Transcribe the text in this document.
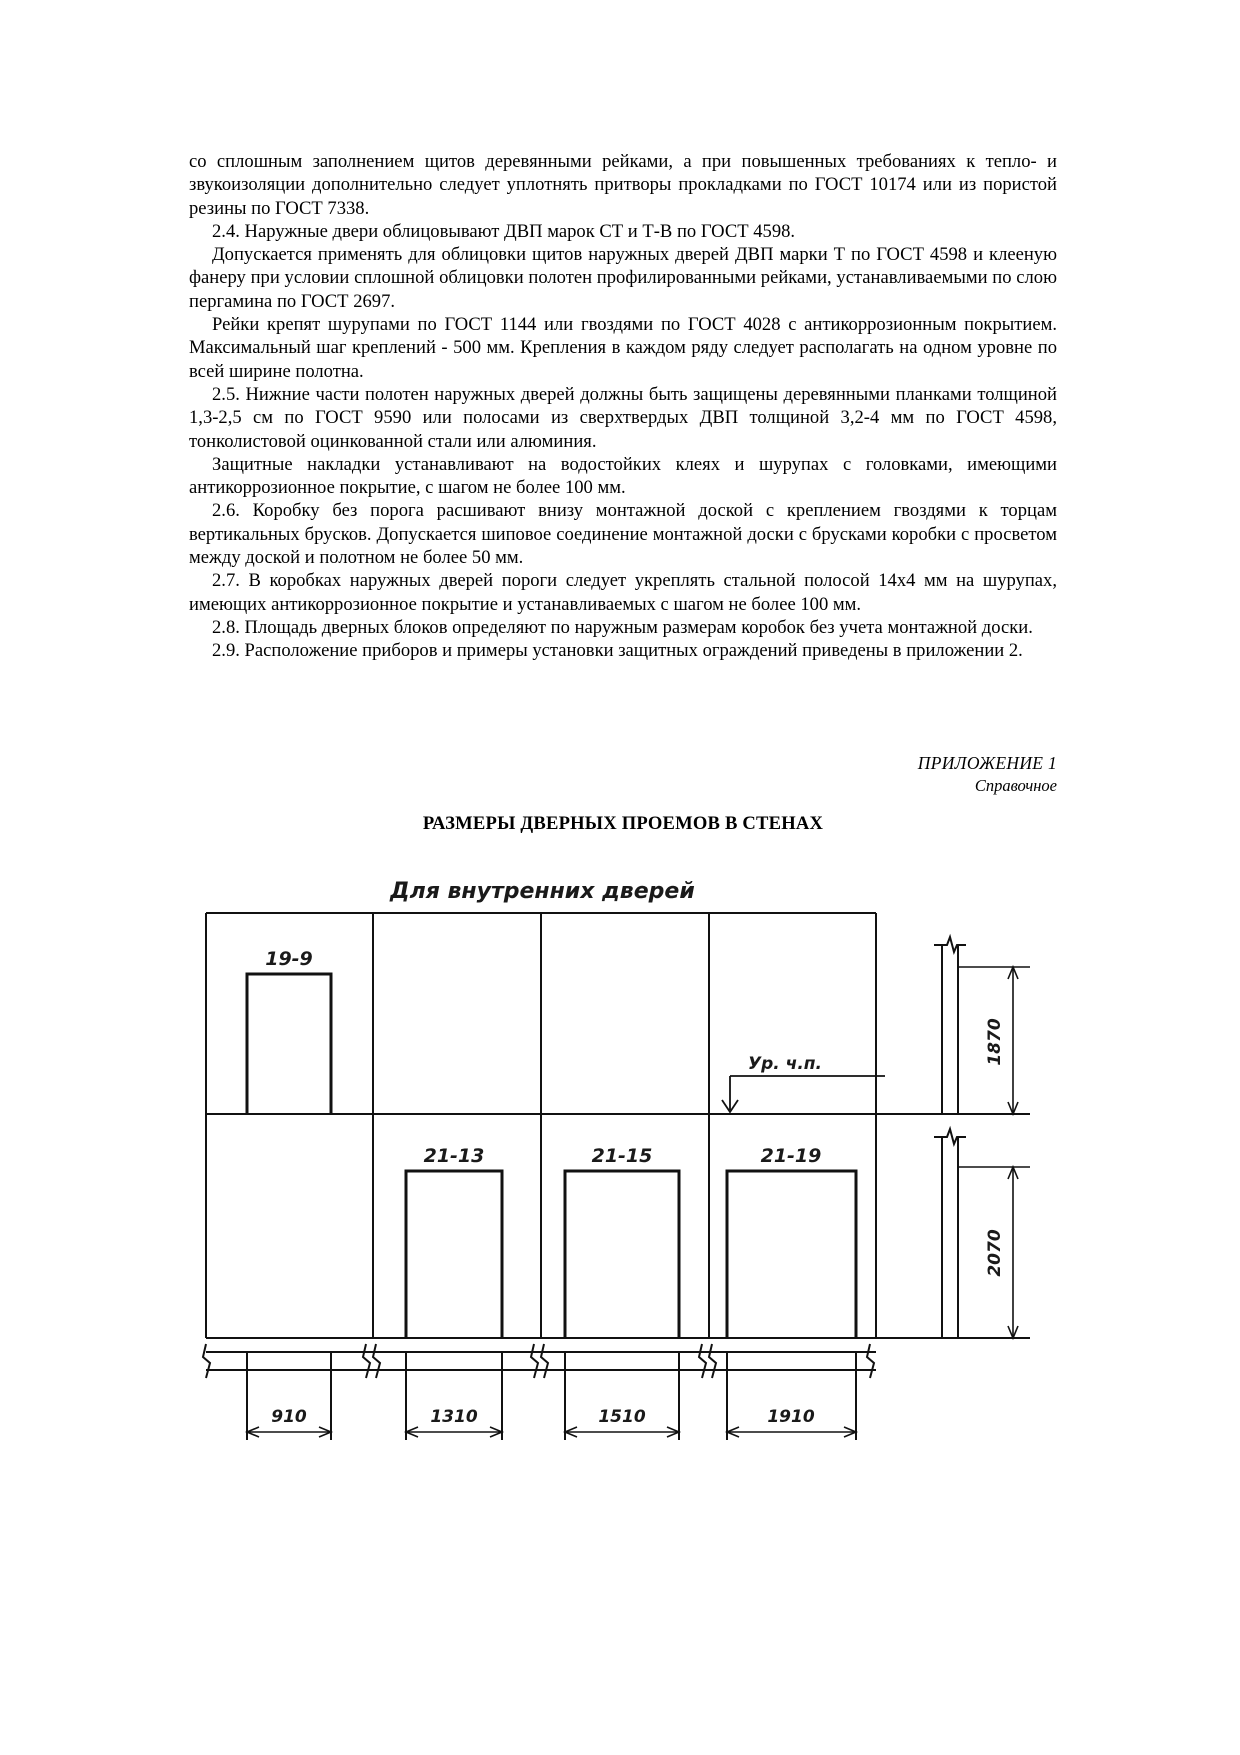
со сплошным заполнением щитов деревянными рейками, а при повышенных требованиях к тепло- и звукоизоляции дополнительно следует уплотнять притворы прокладками по ГОСТ 10174 или из пористой резины по ГОСТ 7338.

2.4. Наружные двери облицовывают ДВП марок СТ и Т-В по ГОСТ 4598.

Допускается применять для облицовки щитов наружных дверей ДВП марки Т по ГОСТ 4598 и клееную фанеру при условии сплошной облицовки полотен профилированными рейками, устанавливаемыми по слою пергамина по ГОСТ 2697.

Рейки крепят шурупами по ГОСТ 1144 или гвоздями по ГОСТ 4028 с антикоррозионным покрытием. Максимальный шаг креплений - 500 мм. Крепления в каждом ряду следует располагать на одном уровне по всей ширине полотна.

2.5. Нижние части полотен наружных дверей должны быть защищены деревянными планками толщиной 1,3-2,5 см по ГОСТ 9590 или полосами из сверхтвердых ДВП толщиной 3,2-4 мм по ГОСТ 4598, тонколистовой оцинкованной стали или алюминия.

Защитные накладки устанавливают на водостойких клеях и шурупах с головками, имеющими антикоррозионное покрытие, с шагом не более 100 мм.

2.6. Коробку без порога расшивают внизу монтажной доской с креплением гвоздями к торцам вертикальных брусков. Допускается шиповое соединение монтажной доски с брусками коробки с просветом между доской и полотном не более 50 мм.

2.7. В коробках наружных дверей пороги следует укреплять стальной полосой 14х4 мм на шурупах, имеющих антикоррозионное покрытие и устанавливаемых с шагом не более 100 мм.

2.8. Площадь дверных блоков определяют по наружным размерам коробок без учета монтажной доски.

2.9. Расположение приборов и примеры установки защитных ограждений приведены в приложении 2.

ПРИЛОЖЕНИЕ 1
Справочное
РАЗМЕРЫ ДВЕРНЫХ ПРОЕМОВ В СТЕНАХ
Для внутренних дверей
19-9
21-13	21-15	21-19
Ур. ч.п.
910	1310	1510	1910
1870
2070
